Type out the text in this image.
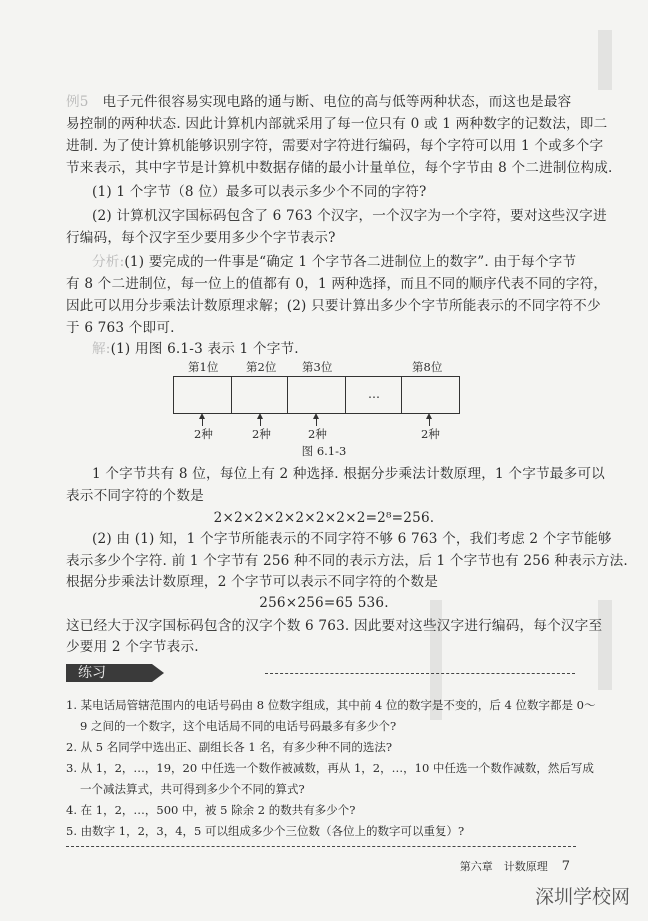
例5　 电子元件很容易实现电路的通与断、电位的高与低等两种状态，而这也是最容
易控制的两种状态. 因此计算机内部就采用了每一位只有 0 或 1 两种数字的记数法，即二
进制. 为了使计算机能够识别字符，需要对字符进行编码，每个字符可以用 1 个或多个字
节来表示，其中字节是计算机中数据存储的最小计量单位，每个字节由 8 个二进制位构成.
(1) 1 个字节（8 位）最多可以表示多少个不同的字符?
(2) 计算机汉字国标码包含了 6 763 个汉字，一个汉字为一个字符，要对这些汉字进
行编码，每个汉字至少要用多少个字节表示?
分析:(1) 要完成的一件事是“确定 1 个字节各二进制位上的数字”. 由于每个字节
有 8 个二进制位，每一位上的值都有 0，1 两种选择，而且不同的顺序代表不同的字符，
因此可以用分步乘法计数原理求解；(2) 只要计算出多少个字节所能表示的不同字符不少
于 6 763 个即可.
解:(1) 用图 6.1-3 表示 1 个字节.
第1位 第2位 第3位	第8位
…
2种	2种	2种	2种
图 6.1-3
1 个字节共有 8 位，每位上有 2 种选择. 根据分步乘法计数原理，1 个字节最多可以
表示不同字符的个数是
2×2×2×2×2×2×2×2=2⁸=256.
(2) 由 (1) 知，1 个字节所能表示的不同字符不够 6 763 个，我们考虑 2 个字节能够
表示多少个字符. 前 1 个字节有 256 种不同的表示方法，后 1 个字节也有 256 种表示方法.
根据分步乘法计数原理，2 个字节可以表示不同字符的个数是
256×256=65 536.
这已经大于汉字国标码包含的汉字个数 6 763. 因此要对这些汉字进行编码，每个汉字至
少要用 2 个字节表示.
练习
1. 某电话局管辖范围内的电话号码由 8 位数字组成，其中前 4 位的数字是不变的，后 4 位数字都是 0～
9 之间的一个数字，这个电话局不同的电话号码最多有多少个?
2. 从 5 名同学中选出正、副组长各 1 名，有多少种不同的选法?
3. 从 1，2，…，19，20 中任选一个数作被减数，再从 1，2，…，10 中任选一个数作减数，然后写成
一个减法算式，共可得到多少个不同的算式?
4. 在 1，2，…，500 中，被 5 除余 2 的数共有多少个?
5. 由数字 1，2，3，4，5 可以组成多少个三位数（各位上的数字可以重复）?
第六章　计数原理 7
深圳学校网
